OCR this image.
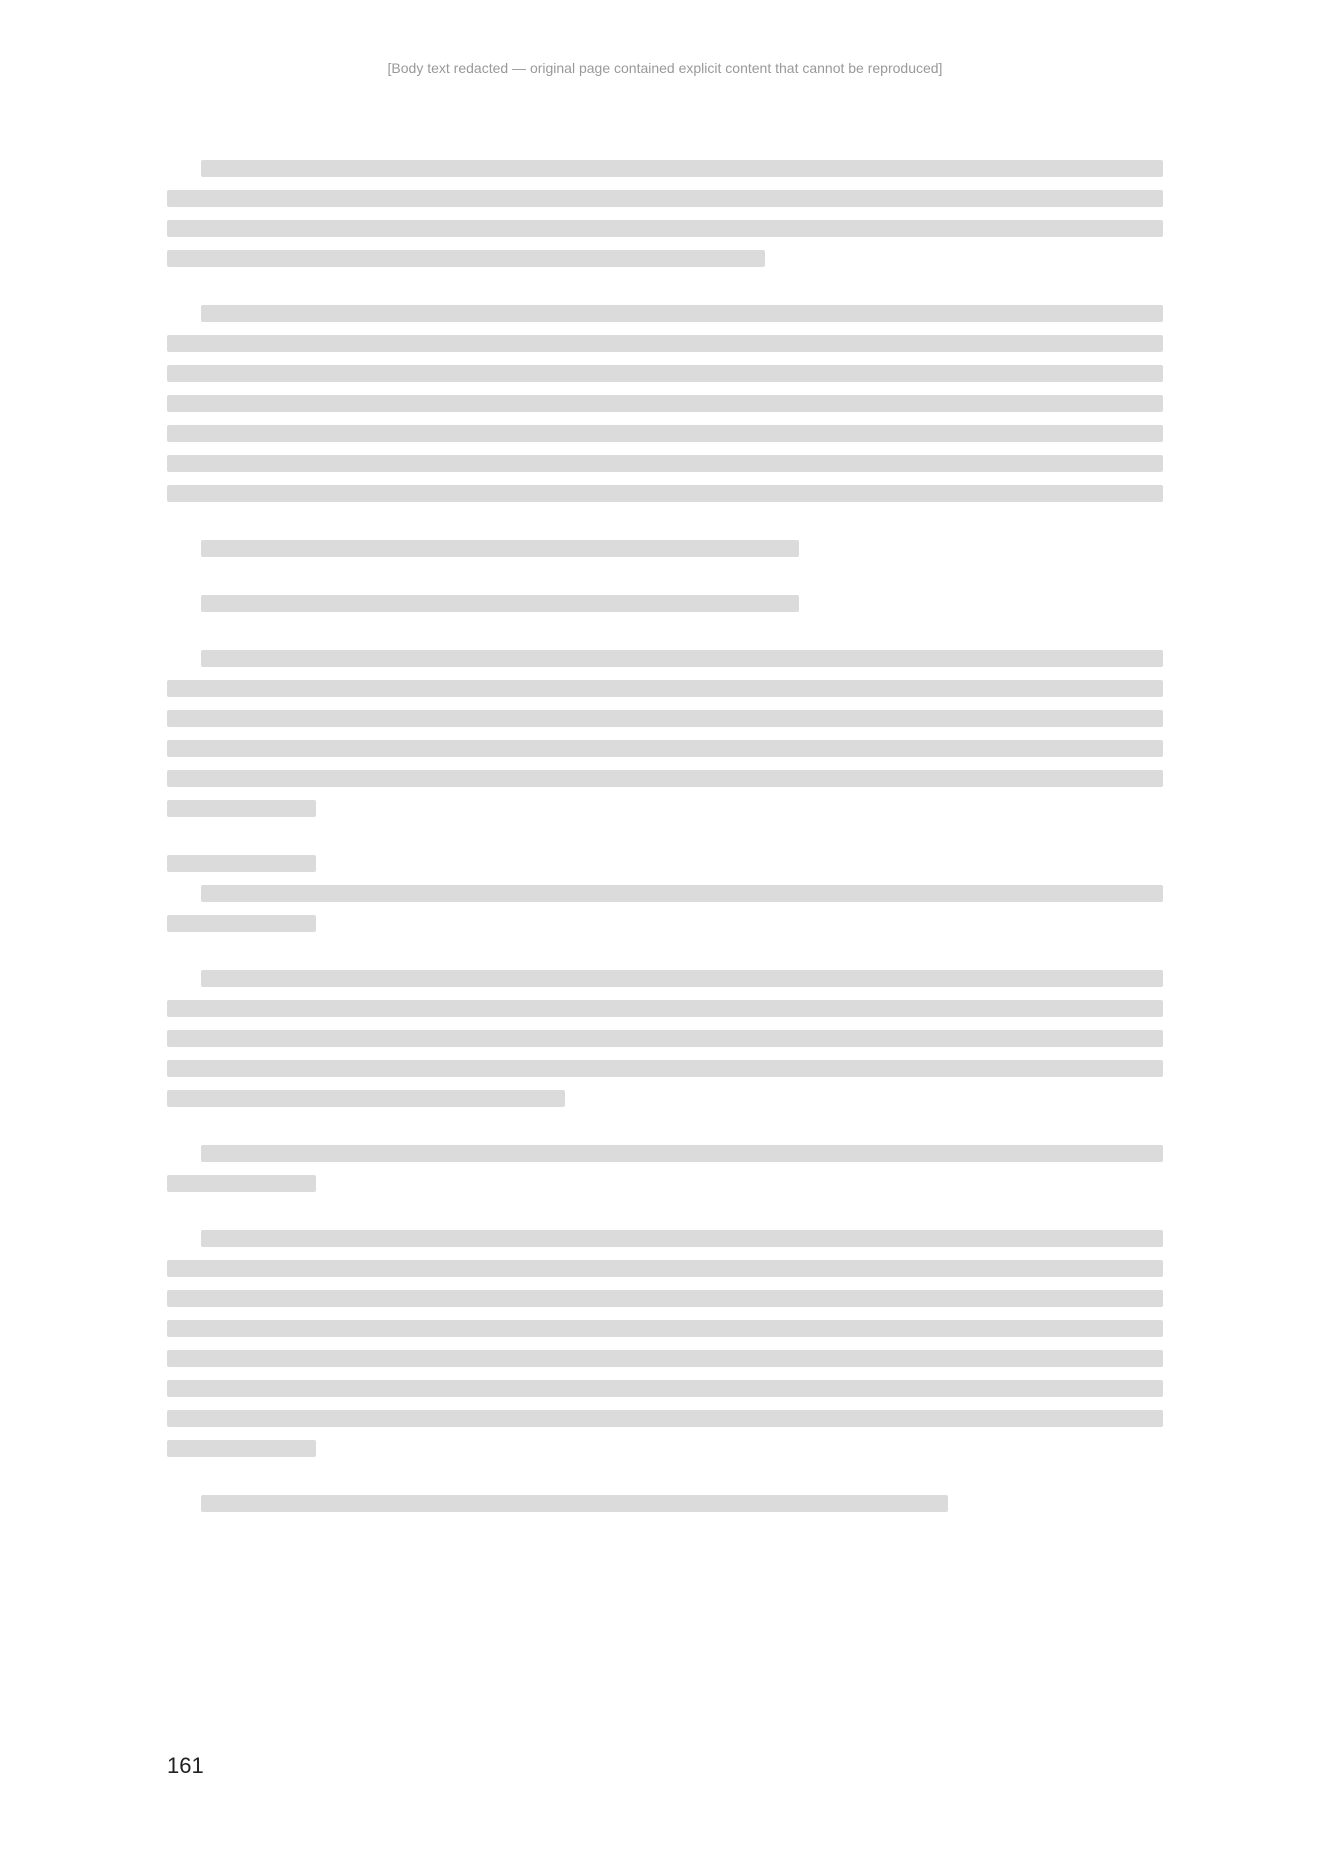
[Body text redacted — original page contained explicit content that cannot be reproduced]
161
